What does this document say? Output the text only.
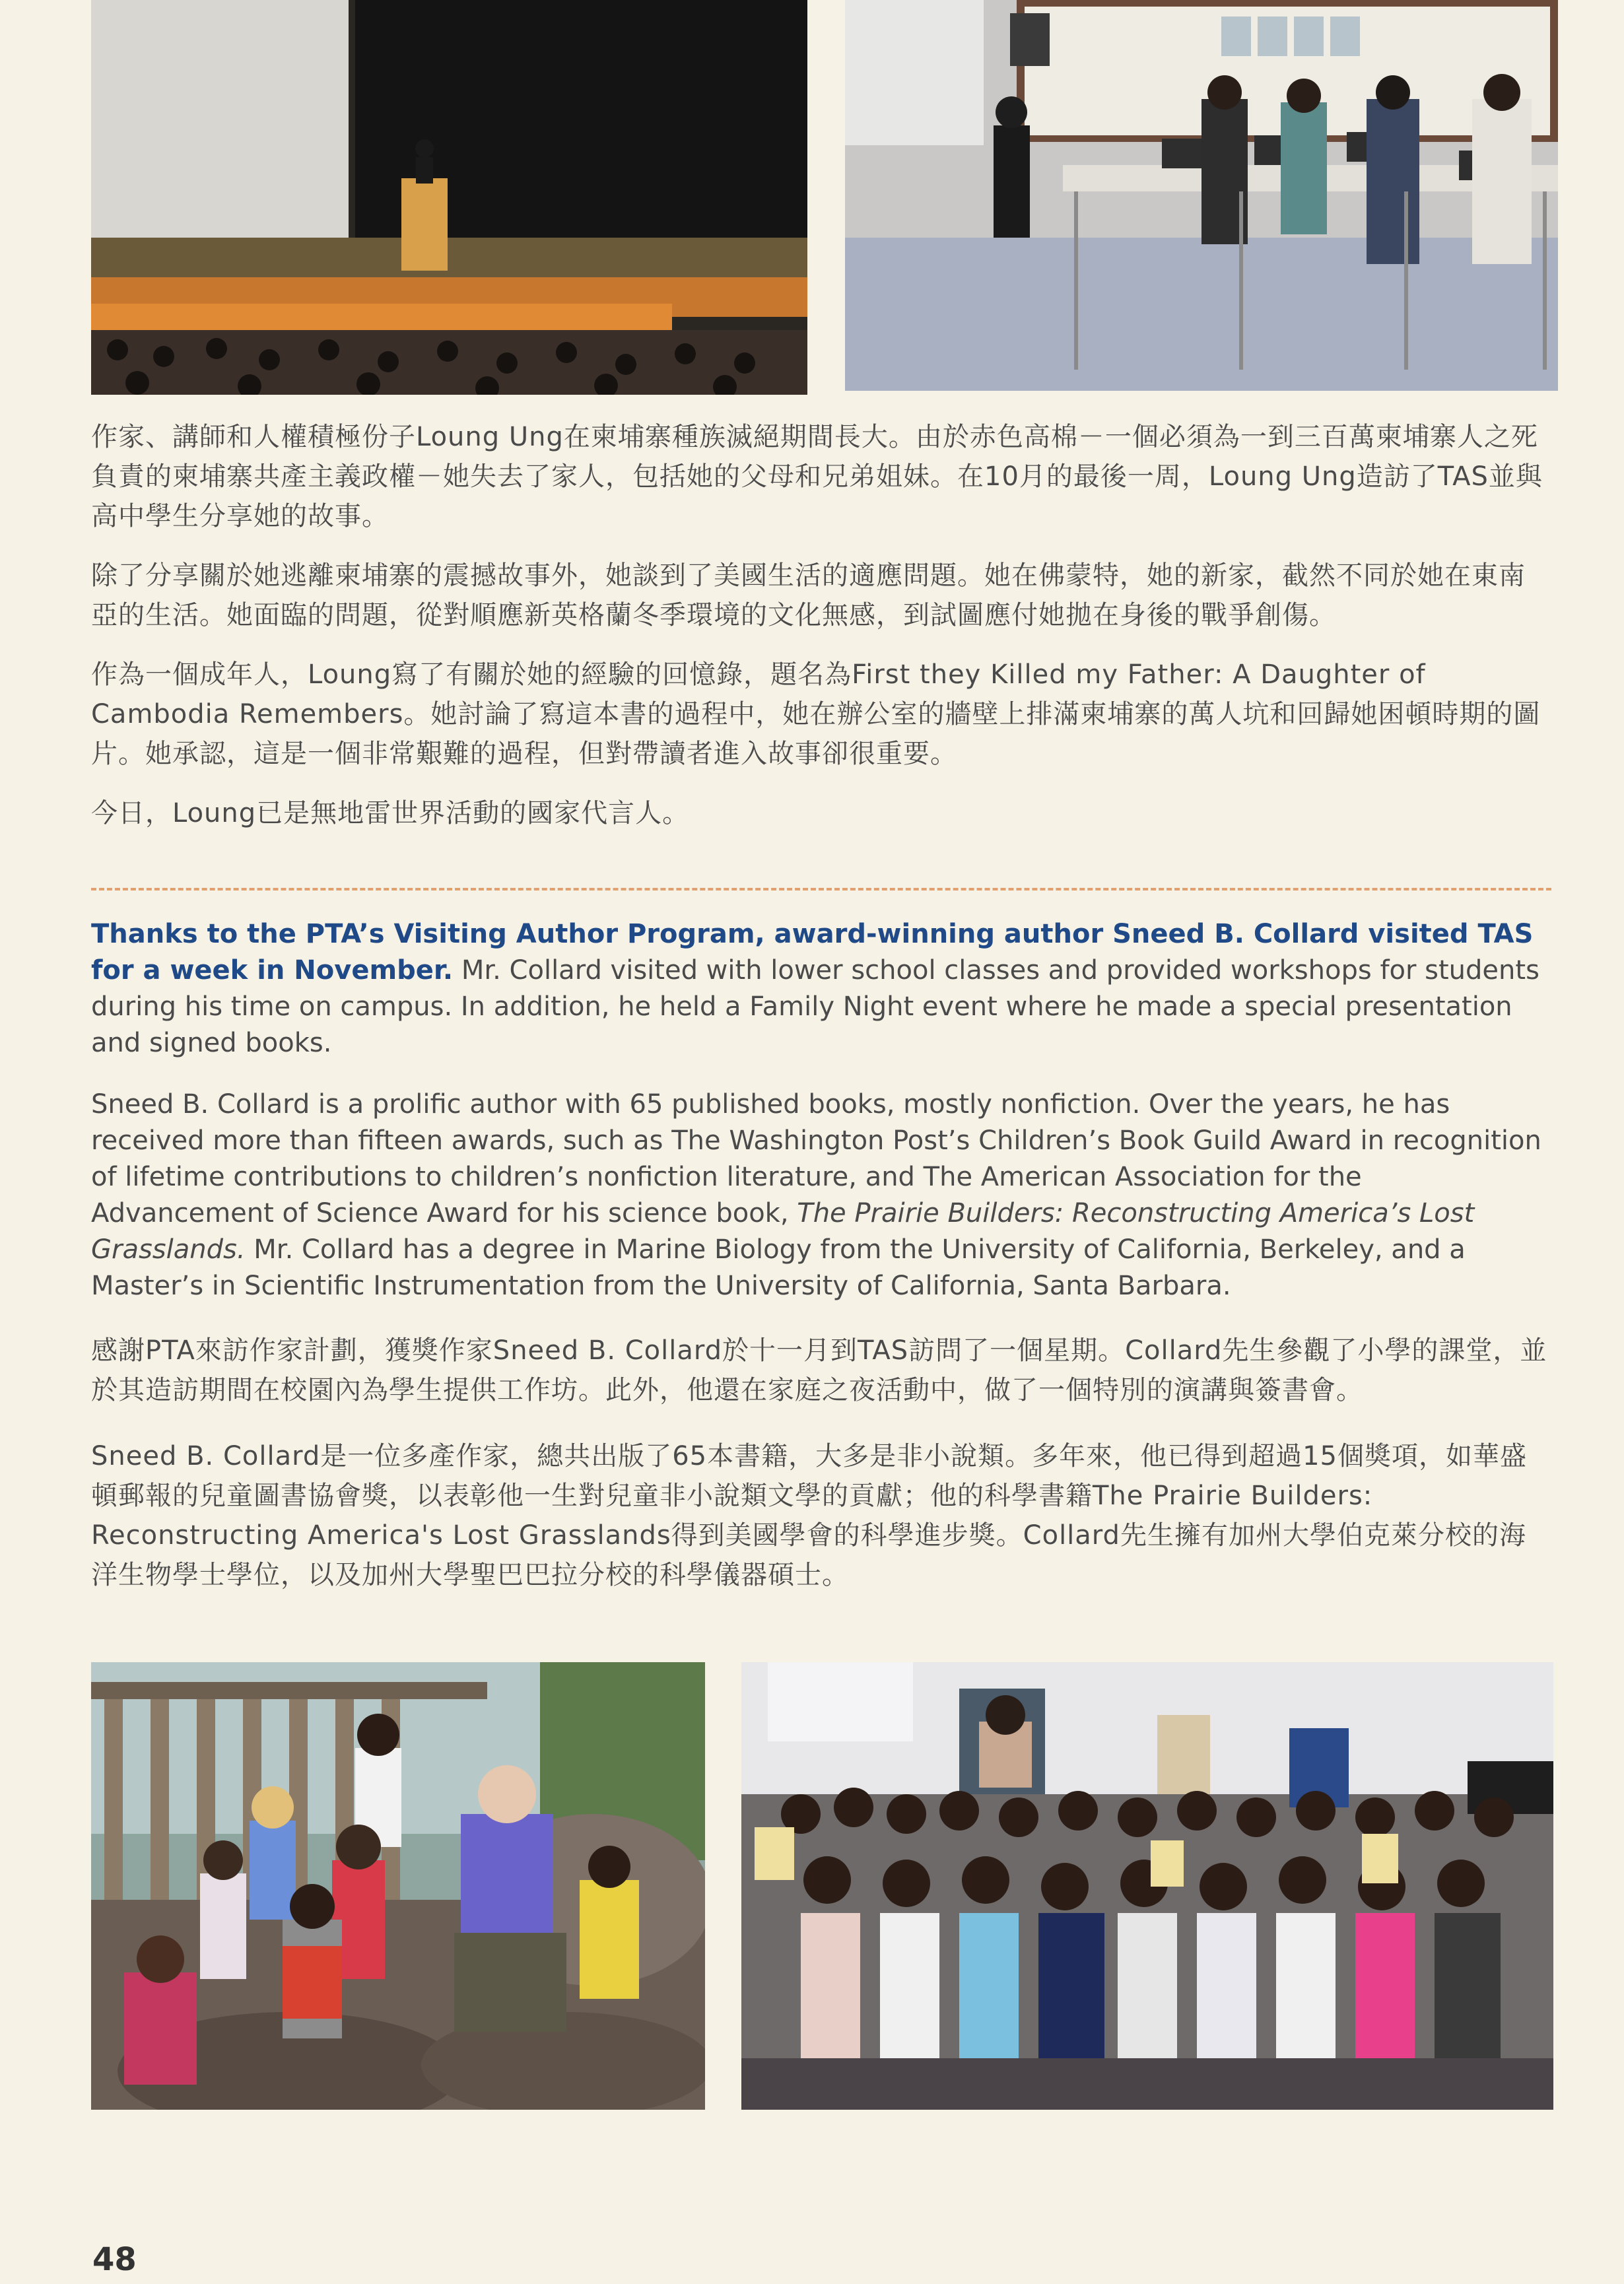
作家、講師和人權積極份子Loung Ung在柬埔寨種族滅絕期間長大。由於赤色高棉－一個必須為一到三百萬柬埔寨人之死負責的柬埔寨共產主義政權－她失去了家人，包括她的父母和兄弟姐妹。在10月的最後一周，Loung Ung造訪了TAS並與高中學生分享她的故事。

除了分享關於她逃離柬埔寨的震撼故事外，她談到了美國生活的適應問題。她在佛蒙特，她的新家，截然不同於她在東南亞的生活。她面臨的問題，從對順應新英格蘭冬季環境的文化無感，到試圖應付她拋在身後的戰爭創傷。

作為一個成年人，Loung寫了有關於她的經驗的回憶錄，題名為First they Killed my Father: A Daughter of Cambodia Remembers。她討論了寫這本書的過程中，她在辦公室的牆壁上排滿柬埔寨的萬人坑和回歸她困頓時期的圖片。她承認，這是一個非常艱難的過程，但對帶讀者進入故事卻很重要。

今日，Loung已是無地雷世界活動的國家代言人。

Thanks to the PTA’s Visiting Author Program, award-winning author Sneed B. Collard visited TAS for a week in November. Mr. Collard visited with lower school classes and provided workshops for students during his time on campus. In addition, he held a Family Night event where he made a special presentation and signed books.

Sneed B. Collard is a prolific author with 65 published books, mostly nonfiction. Over the years, he has received more than fifteen awards, such as The Washington Post’s Children’s Book Guild Award in recognition of lifetime contributions to children’s nonfiction literature, and The American Association for the Advancement of Science Award for his science book, The Prairie Builders: Reconstructing America’s Lost Grasslands. Mr. Collard has a degree in Marine Biology from the University of California, Berkeley, and a Master’s in Scientific Instrumentation from the University of California, Santa Barbara.

感謝PTA來訪作家計劃，獲獎作家Sneed B. Collard於十一月到TAS訪問了一個星期。Collard先生參觀了小學的課堂，並於其造訪期間在校園內為學生提供工作坊。此外，他還在家庭之夜活動中，做了一個特別的演講與簽書會。

Sneed B. Collard是一位多產作家，總共出版了65本書籍，大多是非小說類。多年來，他已得到超過15個獎項，如華盛頓郵報的兒童圖書協會獎，以表彰他一生對兒童非小說類文學的貢獻；他的科學書籍The Prairie Builders: Reconstructing America's Lost Grasslands得到美國學會的科學進步獎。Collard先生擁有加州大學伯克萊分校的海洋生物學士學位，以及加州大學聖巴巴拉分校的科學儀器碩士。

48
